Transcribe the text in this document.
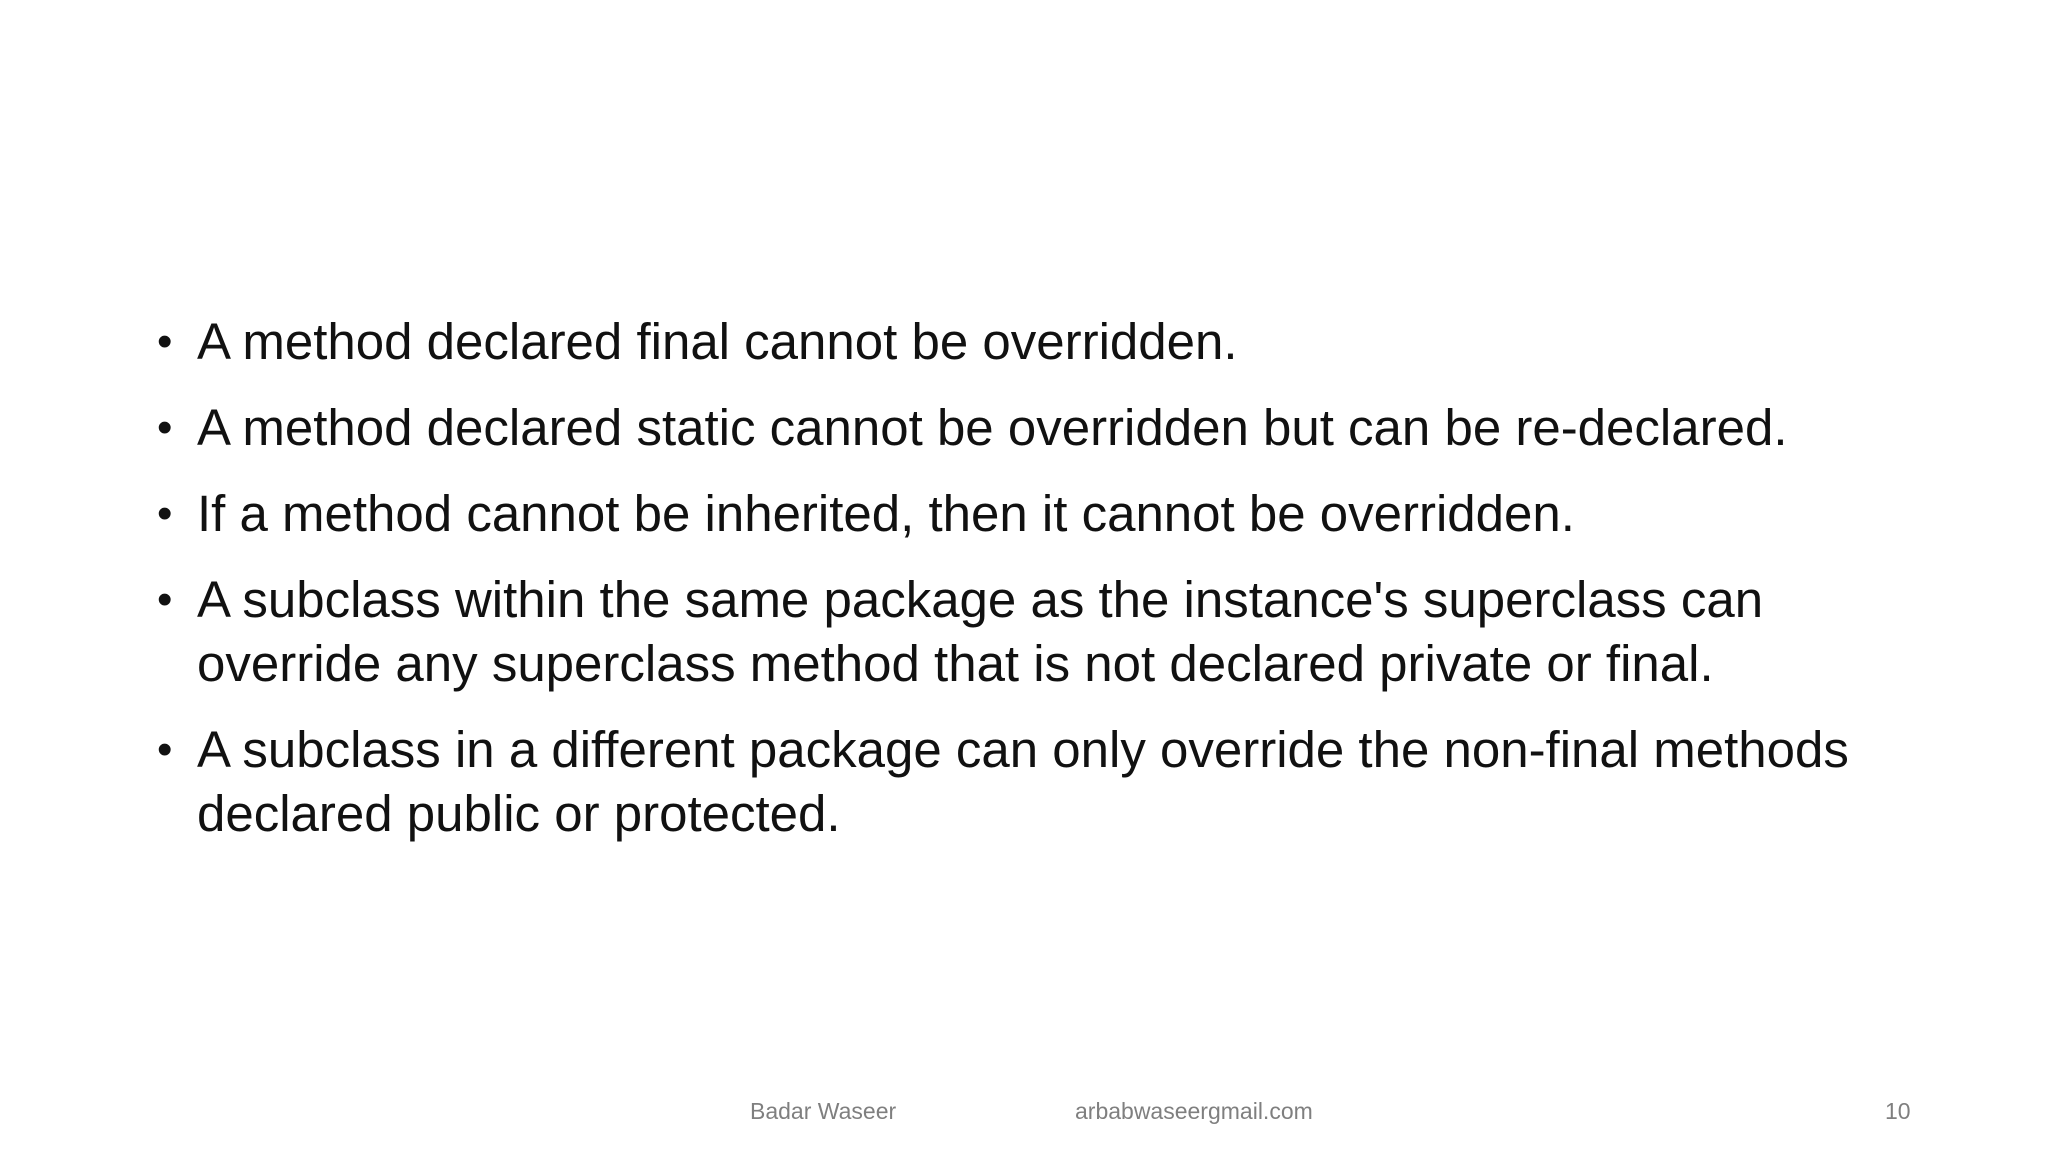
• A method declared final cannot be overridden.
• A method declared static cannot be overridden but can be re-declared.
• If a method cannot be inherited, then it cannot be overridden.
• A subclass within the same package as the instance's superclass can override any superclass method that is not declared private or final.
• A subclass in a different package can only override the non-final methods declared public or protected.
Badar Waseer	arbabwaseergmail.com	10
